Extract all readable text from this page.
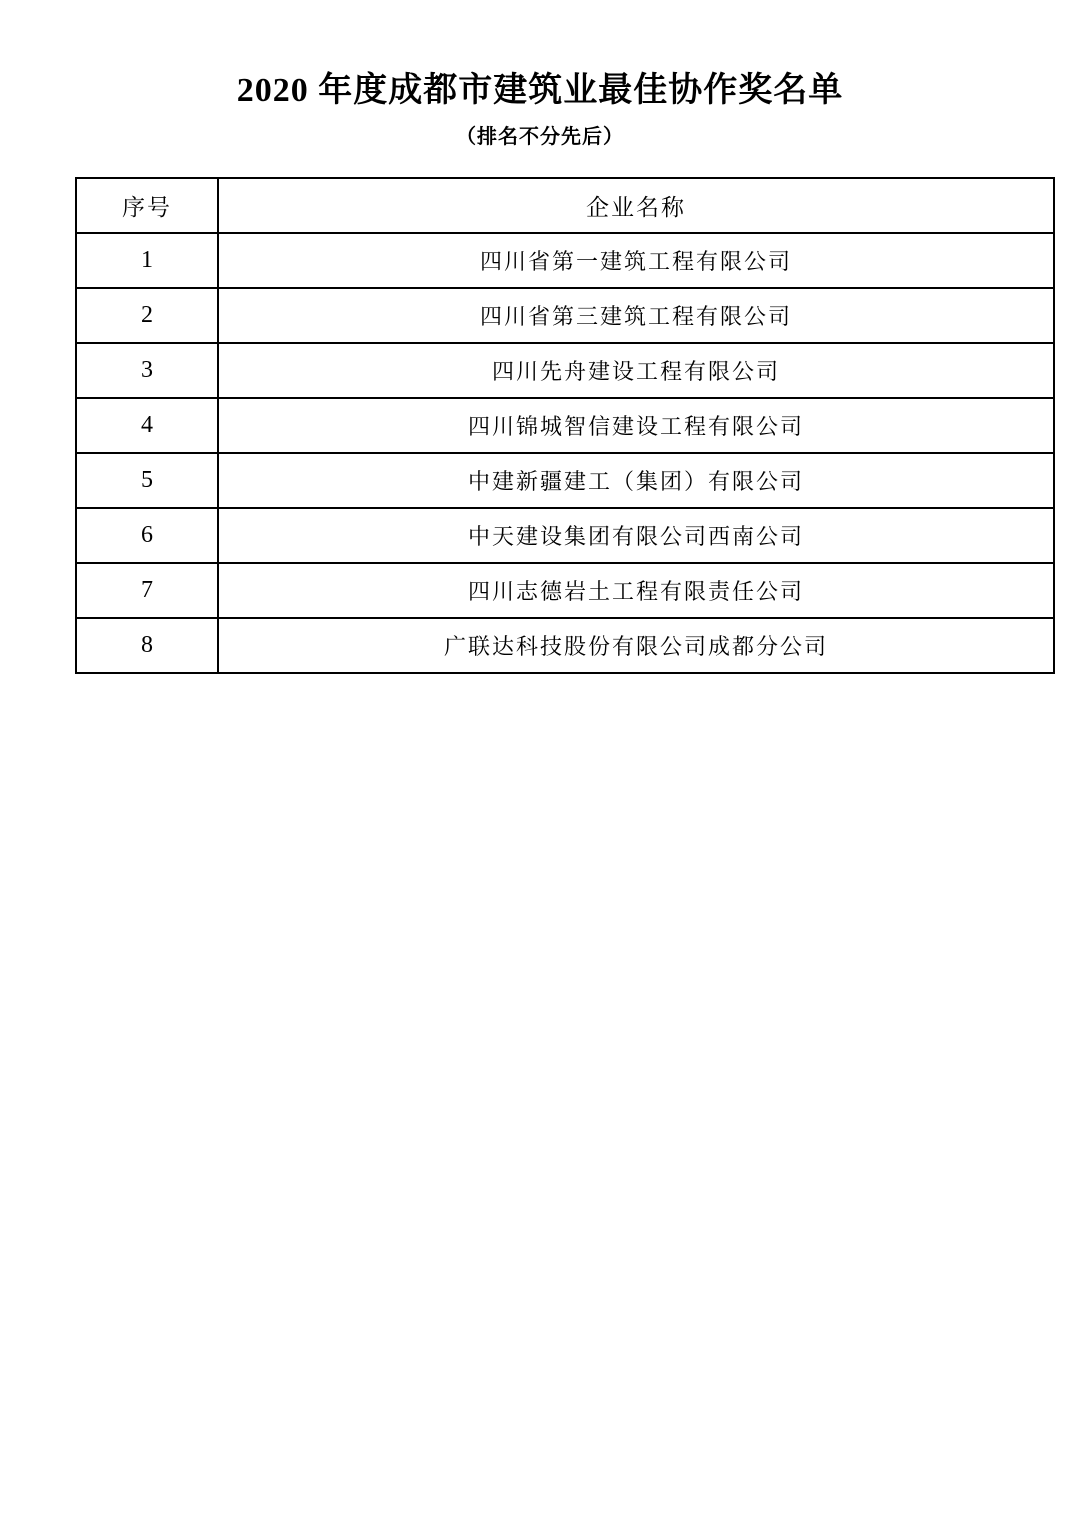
2020 年度成都市建筑业最佳协作奖名单
（排名不分先后）
序号	企业名称
1	四川省第一建筑工程有限公司
2	四川省第三建筑工程有限公司
3	四川先舟建设工程有限公司
4	四川锦城智信建设工程有限公司
5	中建新疆建工（集团）有限公司
6	中天建设集团有限公司西南公司
7	四川志德岩土工程有限责任公司
8	广联达科技股份有限公司成都分公司
